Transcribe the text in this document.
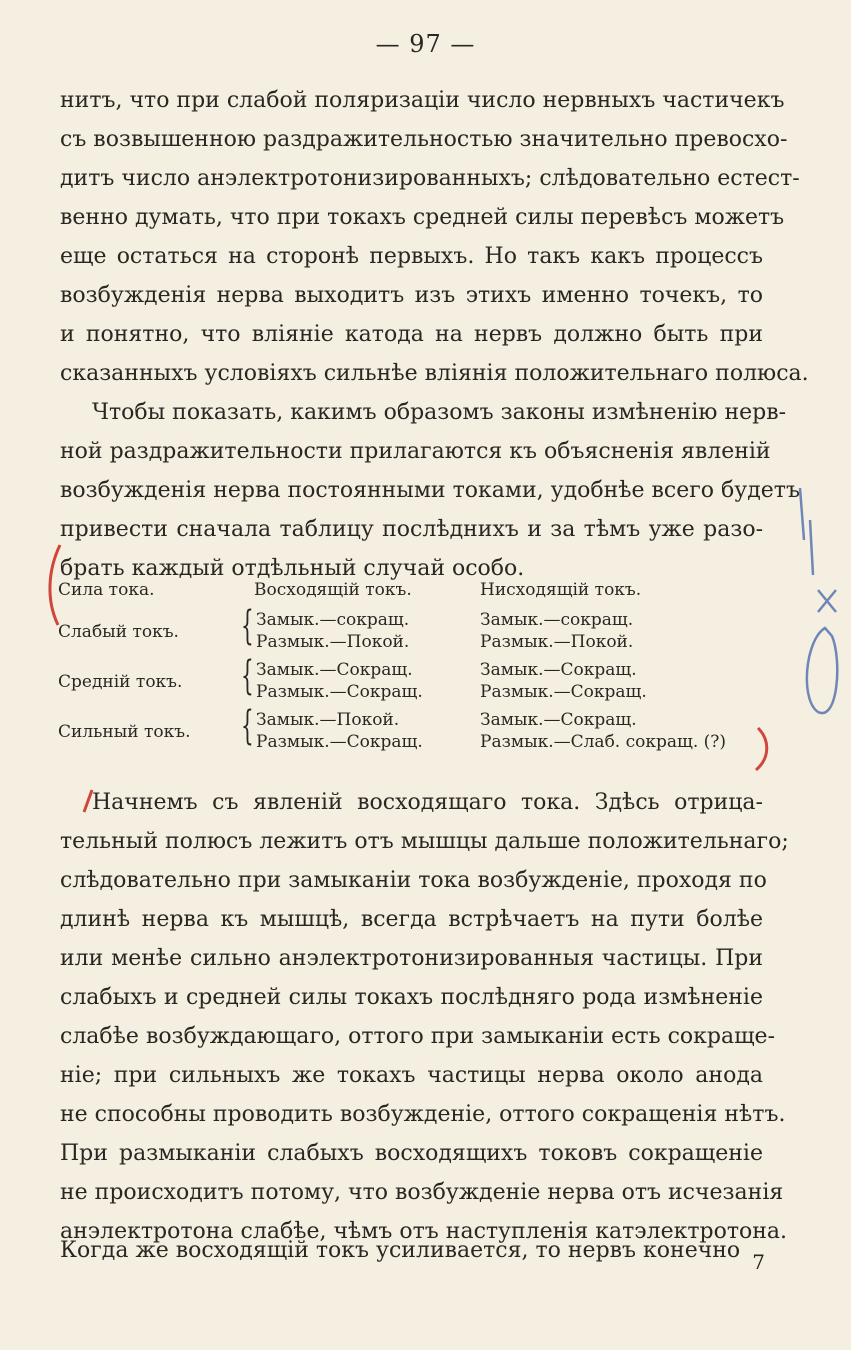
— 97 —
нитъ, что при слабой поляризацiи число нервныхъ частичекъ
съ возвышенною раздражительностью значительно превосхо-
дитъ число анэлектротонизированныхъ; слѣдовательно естест-
венно думать, что при токахъ средней силы перевѣсъ можетъ
еще остаться на сторонѣ первыхъ. Но такъ какъ процессъ
возбужденiя нерва выходитъ изъ этихъ именно точекъ, то
и понятно, что влiянiе катода на нервъ должно быть при
сказанныхъ условiяхъ сильнѣе влiянiя положительнаго полюса.
Чтобы показать, какимъ образомъ законы измѣненiю нерв-
ной раздражительности прилагаются къ объясненiя явленiй
возбужденiя нерва постоянными токами, удобнѣе всего будетъ
привести сначала таблицу послѣднихъ и за тѣмъ уже разо-
брать каждый отдѣльный случай особо.
Сила тока.	Восходящiй токъ.	Нисходящiй токъ.
Слабый токъ. { Замык.—сокращ.
Размык.—Покой.
Замык.—сокращ.
Размык.—Покой.
Среднiй токъ. { Замык.—Сокращ.
Размык.—Сокращ.
Замык.—Сокращ.
Размык.—Сокращ.
Сильный токъ. { Замык.—Покой.
Размык.—Сокращ.
Замык.—Сокращ.
Размык.—Слаб. сокращ. (?)
Начнемъ съ явленiй восходящаго тока. Здѣсь отрица-
тельный полюсъ лежитъ отъ мышцы дальше положительнаго;
слѣдовательно при замыканiи тока возбужденiе, проходя по
длинѣ нерва къ мышцѣ, всегда встрѣчаетъ на пути болѣе
или менѣе сильно анэлектротонизированныя частицы. При
слабыхъ и средней силы токахъ послѣдняго рода измѣненiе
слабѣе возбуждающаго, оттого при замыканiи есть сокраще-
нiе; при сильныхъ же токахъ частицы нерва около анода
не способны проводить возбужденiе, оттого сокращенiя нѣтъ.
При размыканiи слабыхъ восходящихъ токовъ сокращенiе
не происходитъ потому, что возбужденiе нерва отъ исчезанiя
анэлектротона слабѣе, чѣмъ отъ наступленiя катэлектротона.
Когда же восходящiй токъ усиливается, то нервъ конечно 7
